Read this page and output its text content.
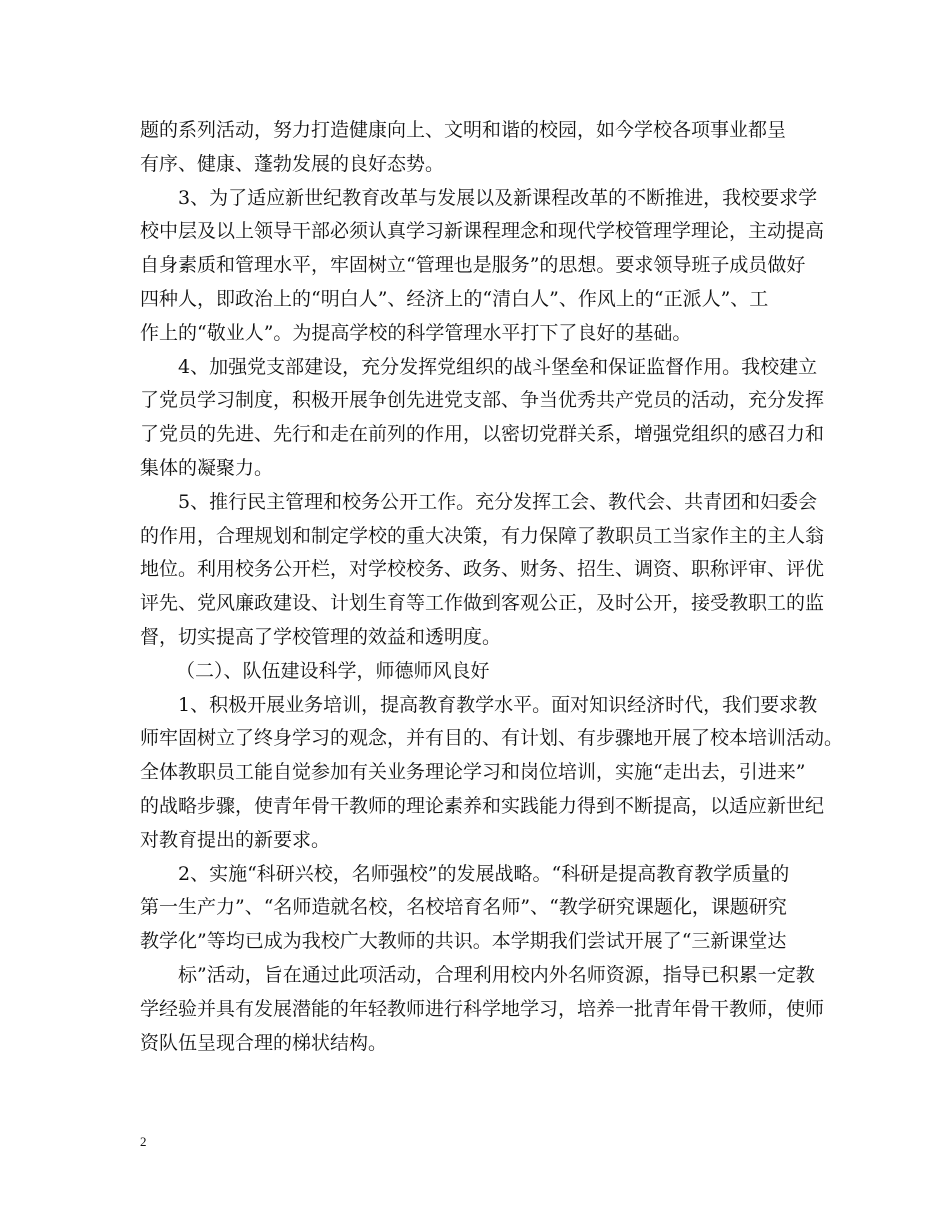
题的系列活动，努力打造健康向上、文明和谐的校园，如今学校各项事业都呈
有序、健康、蓬勃发展的良好态势。
3、为了适应新世纪教育改革与发展以及新课程改革的不断推进，我校要求学
校中层及以上领导干部必须认真学习新课程理念和现代学校管理学理论，主动提高
自身素质和管理水平，牢固树立“管理也是服务”的思想。要求领导班子成员做好
四种人，即政治上的“明白人”、经济上的“清白人”、作风上的“正派人”、工
作上的“敬业人”。为提高学校的科学管理水平打下了良好的基础。
4、加强党支部建设，充分发挥党组织的战斗堡垒和保证监督作用。我校建立
了党员学习制度，积极开展争创先进党支部、争当优秀共产党员的活动，充分发挥
了党员的先进、先行和走在前列的作用，以密切党群关系，增强党组织的感召力和
集体的凝聚力。
5、推行民主管理和校务公开工作。充分发挥工会、教代会、共青团和妇委会
的作用，合理规划和制定学校的重大决策，有力保障了教职员工当家作主的主人翁
地位。利用校务公开栏，对学校校务、政务、财务、招生、调资、职称评审、评优
评先、党风廉政建设、计划生育等工作做到客观公正，及时公开，接受教职工的监
督，切实提高了学校管理的效益和透明度。
（二）、队伍建设科学，师德师风良好
1、积极开展业务培训，提高教育教学水平。面对知识经济时代，我们要求教
师牢固树立了终身学习的观念，并有目的、有计划、有步骤地开展了校本培训活动。
全体教职员工能自觉参加有关业务理论学习和岗位培训，实施“走出去，引进来”
的战略步骤，使青年骨干教师的理论素养和实践能力得到不断提高，以适应新世纪
对教育提出的新要求。
2、实施“科研兴校，名师强校”的发展战略。“科研是提高教育教学质量的
第一生产力”、“名师造就名校，名校培育名师”、“教学研究课题化，课题研究
教学化”等均已成为我校广大教师的共识。本学期我们尝试开展了“三新课堂达
标”活动，旨在通过此项活动，合理利用校内外名师资源，指导已积累一定教
学经验并具有发展潜能的年轻教师进行科学地学习，培养一批青年骨干教师，使师
资队伍呈现合理的梯状结构。
2
